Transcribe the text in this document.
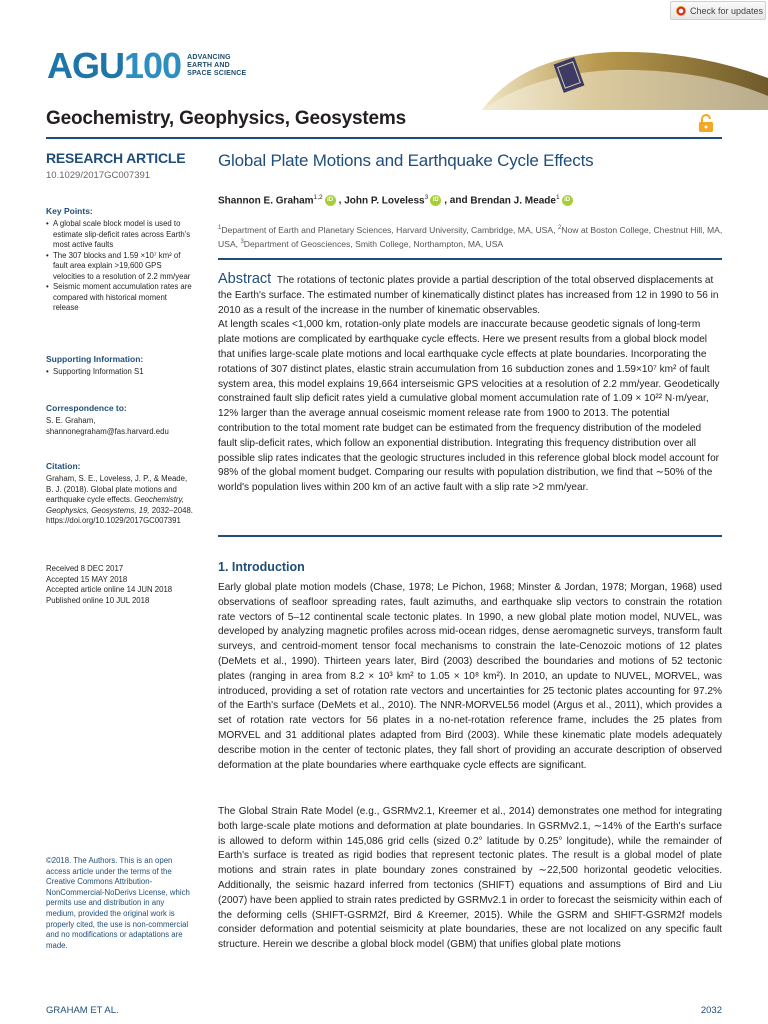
Check for updates
AGU100 ADVANCING
EARTH AND
SPACE SCIENCE
Geochemistry, Geophysics, Geosystems
RESEARCH ARTICLE
10.1029/2017GC007391
Key Points:
• A global scale block model is used to estimate slip-deficit rates across Earth's most active faults
• The 307 blocks and 1.59 ×10⁷ km² of fault area explain >19,600 GPS velocities to a resolution of 2.2 mm/year
• Seismic moment accumulation rates are compared with historical moment release
Supporting Information:
• Supporting Information S1
Correspondence to:
S. E. Graham,
shannonegraham@fas.harvard.edu
Citation:
Graham, S. E., Loveless, J. P., & Meade, B. J. (2018). Global plate motions and earthquake cycle effects. Geochemistry, Geophysics, Geosystems, 19, 2032–2048. https://doi.org/10.1029/2017GC007391
Received 8 DEC 2017
Accepted 15 MAY 2018
Accepted article online 14 JUN 2018
Published online 10 JUL 2018
©2018. The Authors. This is an open access article under the terms of the Creative Commons Attribution-NonCommercial-NoDerivs License, which permits use and distribution in any medium, provided the original work is properly cited, the use is non-commercial and no modifications or adaptations are made.
Global Plate Motions and Earthquake Cycle Effects
Shannon E. Graham$^{1,2}$ iD , John P. Loveless$^3$ iD , and Brendan J. Meade$^1$ iD
$^1$Department of Earth and Planetary Sciences, Harvard University, Cambridge, MA, USA, $^2$Now at Boston College, Chestnut Hill, MA, USA, $^3$Department of Geosciences, Smith College, Northampton, MA, USA

Abstract The rotations of tectonic plates provide a partial description of the total observed displacements at the Earth's surface. The estimated number of kinematically distinct plates has increased from 12 in 1990 to 56 in 2010 as a result of the increase in the number of kinematic observables.

At length scales <1,000 km, rotation-only plate models are inaccurate because geodetic signals of long-term plate motions are complicated by earthquake cycle effects. Here we present results from a global block model that unifies large-scale plate motions and local earthquake cycle effects at plate boundaries. Incorporating the rotations of 307 distinct plates, elastic strain accumulation from 16 subduction zones and 1.59×10⁷ km² of fault system area, this model explains 19,664 interseismic GPS velocities at a resolution of 2.2 mm/year. Geodetically constrained fault slip deficit rates yield a cumulative global moment accumulation rate of 1.09 × 10²² N·m/year, 12% larger than the average annual coseismic moment release rate from 1900 to 2013. The potential contribution to the total moment rate budget can be estimated from the frequency distribution of the modeled fault slip-deficit rates, which follow an exponential distribution. Integrating this frequency distribution over all possible slip rates indicates that the geologic structures included in this reference global block model account for 98% of the global moment budget. Comparing our results with population distribution, we find that ∼50% of the world's population lives within 200 km of an active fault with a slip rate >2 mm/year.

1. Introduction
Early global plate motion models (Chase, 1978; Le Pichon, 1968; Minster & Jordan, 1978; Morgan, 1968) used observations of seafloor spreading rates, fault azimuths, and earthquake slip vectors to constrain the rotation rate vectors of 5–12 continental scale tectonic plates. In 1990, a new global plate motion model, NUVEL, was developed by analyzing magnetic profiles across mid-ocean ridges, dense aeromagnetic surveys, transform fault surveys, and centroid-moment tensor focal mechanisms to constrain the late-Cenozoic motions of 12 plates (DeMets et al., 1990). Thirteen years later, Bird (2003) described the boundaries and motions of 52 tectonic plates (ranging in area from 8.2 × 10³ km² to 1.05 × 10⁸ km²). In 2010, an update to NUVEL, MORVEL, was introduced, providing a set of rotation rate vectors and uncertainties for 25 tectonic plates accounting for 97.2% of the Earth's surface (DeMets et al., 2010). The NNR-MORVEL56 model (Argus et al., 2011), which provides a set of rotation rate vectors for 56 plates in a no-net-rotation reference frame, includes the 25 plates from MORVEL and 31 additional plates adapted from Bird (2003). While these kinematic plate models adequately describe motion in the center of tectonic plates, they fall short of providing an accurate description of observed deformation at the plate boundaries where earthquake cycle effects are significant.
The Global Strain Rate Model (e.g., GSRMv2.1, Kreemer et al., 2014) demonstrates one method for integrating both large-scale plate motions and deformation at plate boundaries. In GSRMv2.1, ∼14% of the Earth's surface is allowed to deform within 145,086 grid cells (sized 0.2° latitude by 0.25° longitude), while the remainder of Earth's surface is treated as rigid bodies that represent tectonic plates. The result is a global model of plate motions and strain rates in plate boundary zones constrained by ∼22,500 horizontal geodetic velocities. Additionally, the seismic hazard inferred from tectonics (SHIFT) equations and assumptions of Bird and Liu (2007) have been applied to strain rates predicted by GSRMv2.1 in order to forecast the seismicity within each of the deforming cells (SHIFT-GSRM2f, Bird & Kreemer, 2015). While the GSRM and SHIFT-GSRM2f models consider deformation and potential seismicity at plate boundaries, these are not localized on any specific fault structure. Herein we describe a global block model (GBM) that unifies global plate motions
GRAHAM ET AL.	2032
